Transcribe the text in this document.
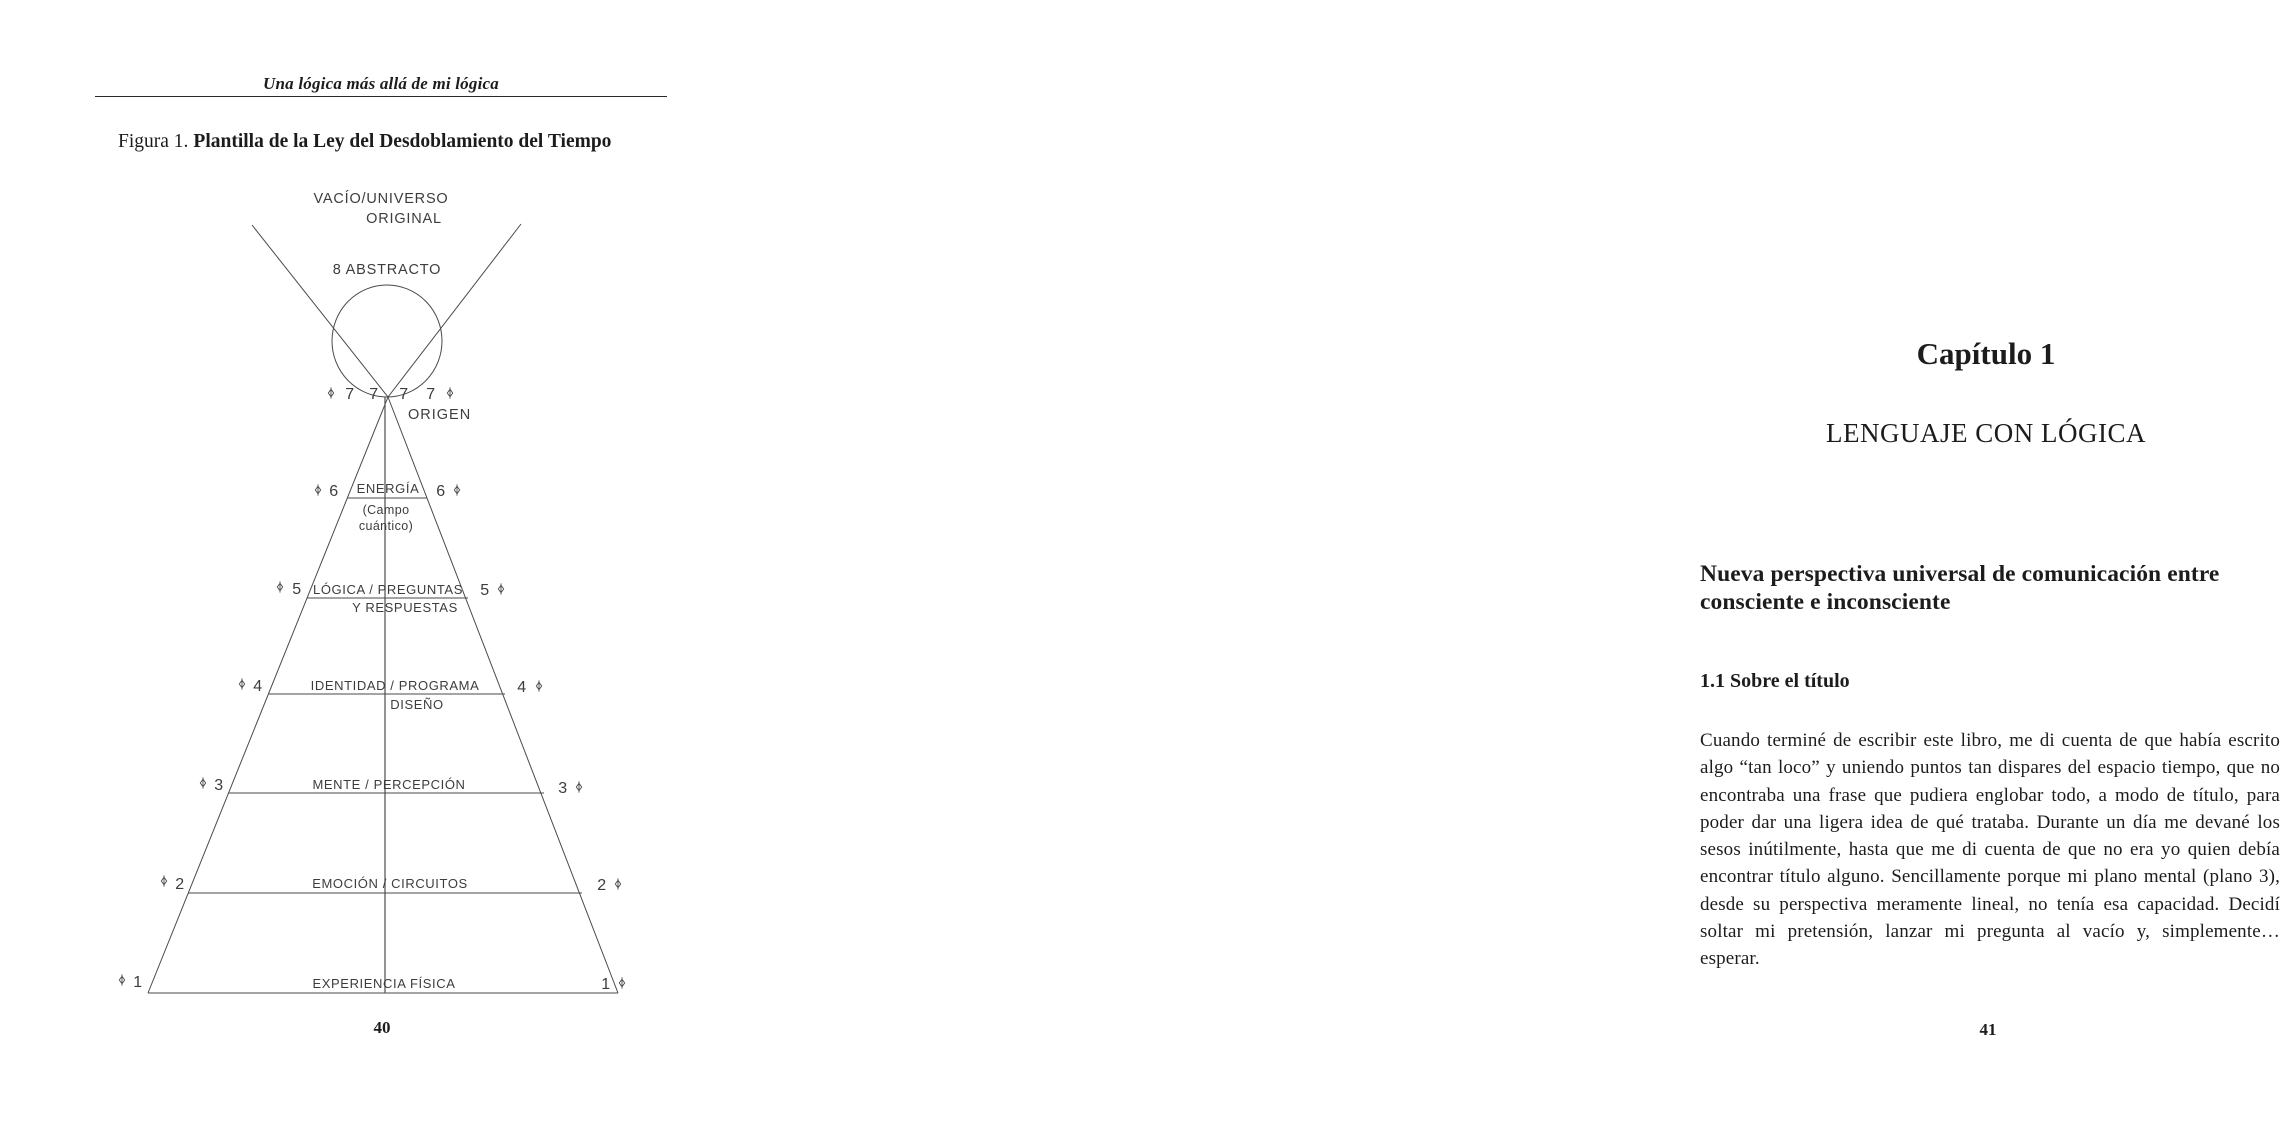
Una lógica más allá de mi lógica

Figura 1. Plantilla de la Ley del Desdoblamiento del Tiempo

VACÍO/UNIVERSO
ORIGINAL
8 ABSTRACTO
7 7 7 7
ORIGEN
ENERGÍA
(Campo
cuántico)
6	6
LÓGICA / PREGUNTAS
Y RESPUESTAS
5	5
IDENTIDAD / PROGRAMA
DISEÑO
4	4
MENTE / PERCEPCIÓN
3	3
EMOCIÓN / CIRCUITOS
2	2
EXPERIENCIA FÍSICA
1	1
40
Capítulo 1
LENGUAJE CON LÓGICA
Nueva perspectiva universal de comunicación entre consciente e inconsciente
1.1 Sobre el título

Cuando terminé de escribir este libro, me di cuenta de que había escrito algo “tan loco” y uniendo puntos tan dispares del espacio tiempo, que no encontraba una frase que pudiera englobar todo, a modo de título, para poder dar una ligera idea de qué trataba. Durante un día me devané los sesos inútilmente, hasta que me di cuenta de que no era yo quien debía encontrar título alguno. Sencillamente porque mi plano mental (plano 3), desde su perspectiva meramente lineal, no tenía esa capacidad. Decidí soltar mi pretensión, lanzar mi pregunta al vacío y, simplemente… esperar.

41
